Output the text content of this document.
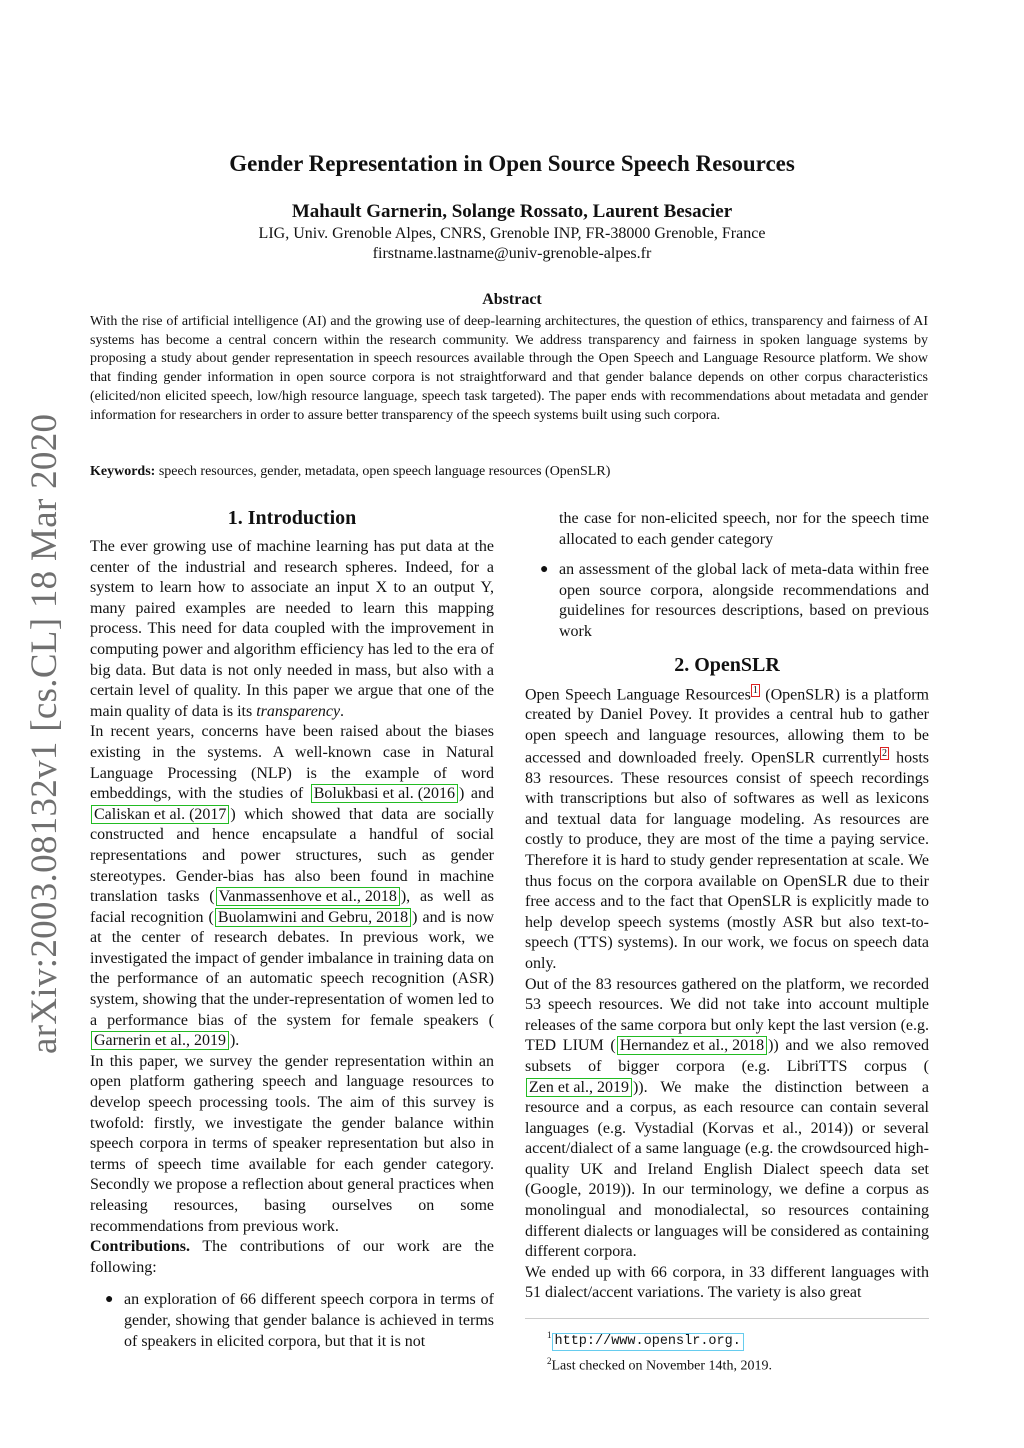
arXiv:2003.08132v1 [cs.CL] 18 Mar 2020
Gender Representation in Open Source Speech Resources
Mahault Garnerin, Solange Rossato, Laurent Besacier
LIG, Univ. Grenoble Alpes, CNRS, Grenoble INP, FR-38000 Grenoble, France
firstname.lastname@univ-grenoble-alpes.fr
Abstract
With the rise of artificial intelligence (AI) and the growing use of deep-learning architectures, the question of ethics, transparency and fairness of AI systems has become a central concern within the research community. We address transparency and fairness in spoken language systems by proposing a study about gender representation in speech resources available through the Open Speech and Language Resource platform. We show that finding gender information in open source corpora is not straightforward and that gender balance depends on other corpus characteristics (elicited/non elicited speech, low/high resource language, speech task targeted). The paper ends with recommendations about metadata and gender information for researchers in order to assure better transparency of the speech systems built using such corpora.
Keywords: speech resources, gender, metadata, open speech language resources (OpenSLR)
1. Introduction

The ever growing use of machine learning has put data at the center of the industrial and research spheres. Indeed, for a system to learn how to associate an input X to an output Y, many paired examples are needed to learn this mapping process. This need for data coupled with the improvement in computing power and algorithm efficiency has led to the era of big data. But data is not only needed in mass, but also with a certain level of quality. In this paper we argue that one of the main quality of data is its transparency.

In recent years, concerns have been raised about the biases existing in the systems. A well-known case in Natural Language Processing (NLP) is the example of word embeddings, with the studies of Bolukbasi et al. (2016 ) and Caliskan et al. (2017 ) which showed that data are socially constructed and hence encapsulate a handful of social representations and power structures, such as gender stereotypes. Gender-bias has also been found in machine translation tasks ( Vanmassenhove et al., 2018 ), as well as facial recognition ( Buolamwini and Gebru, 2018 ) and is now at the center of research debates. In previous work, we investigated the impact of gender imbalance in training data on the performance of an automatic speech recognition (ASR) system, showing that the under-representation of women led to a performance bias of the system for female speakers (Garnerin et al., 2019 ).

In this paper, we survey the gender representation within an open platform gathering speech and language resources to develop speech processing tools. The aim of this survey is twofold: firstly, we investigate the gender balance within speech corpora in terms of speaker representation but also in terms of speech time available for each gender category. Secondly we propose a reflection about general practices when releasing resources, basing ourselves on some recommendations from previous work.

Contributions. The contributions of our work are the following:

● an exploration of 66 different speech corpora in terms of gender, showing that gender balance is achieved in terms of speakers in elicited corpora, but that it is not
the case for non-elicited speech, nor for the speech time allocated to each gender category
● an assessment of the global lack of meta-data within free open source corpora, alongside recommendations and guidelines for resources descriptions, based on previous work
2. OpenSLR

Open Speech Language Resources 1 (OpenSLR) is a platform created by Daniel Povey. It provides a central hub to gather open speech and language resources, allowing them to be accessed and downloaded freely. OpenSLR currently 2 hosts 83 resources. These resources consist of speech recordings with transcriptions but also of softwares as well as lexicons and textual data for language modeling. As resources are costly to produce, they are most of the time a paying service. Therefore it is hard to study gender representation at scale. We thus focus on the corpora available on OpenSLR due to their free access and to the fact that OpenSLR is explicitly made to help develop speech systems (mostly ASR but also text-to-speech (TTS) systems). In our work, we focus on speech data only.

Out of the 83 resources gathered on the platform, we recorded 53 speech resources. We did not take into account multiple releases of the same corpora but only kept the last version (e.g. TED LIUM ( Hernandez et al., 2018 )) and we also removed subsets of bigger corpora (e.g. LibriTTS corpus (Zen et al., 2019 )). We make the distinction between a resource and a corpus, as each resource can contain several languages (e.g. Vystadial (Korvas et al., 2014)) or several accent/dialect of a same language (e.g. the crowdsourced high-quality UK and Ireland English Dialect speech data set (Google, 2019)). In our terminology, we define a corpus as monolingual and monodialectal, so resources containing different dialects or languages will be considered as containing different corpora.

We ended up with 66 corpora, in 33 different languages with 51 dialect/accent variations. The variety is also great

$^1$ http://www.openslr.org.
$^2$Last checked on November 14th, 2019.
